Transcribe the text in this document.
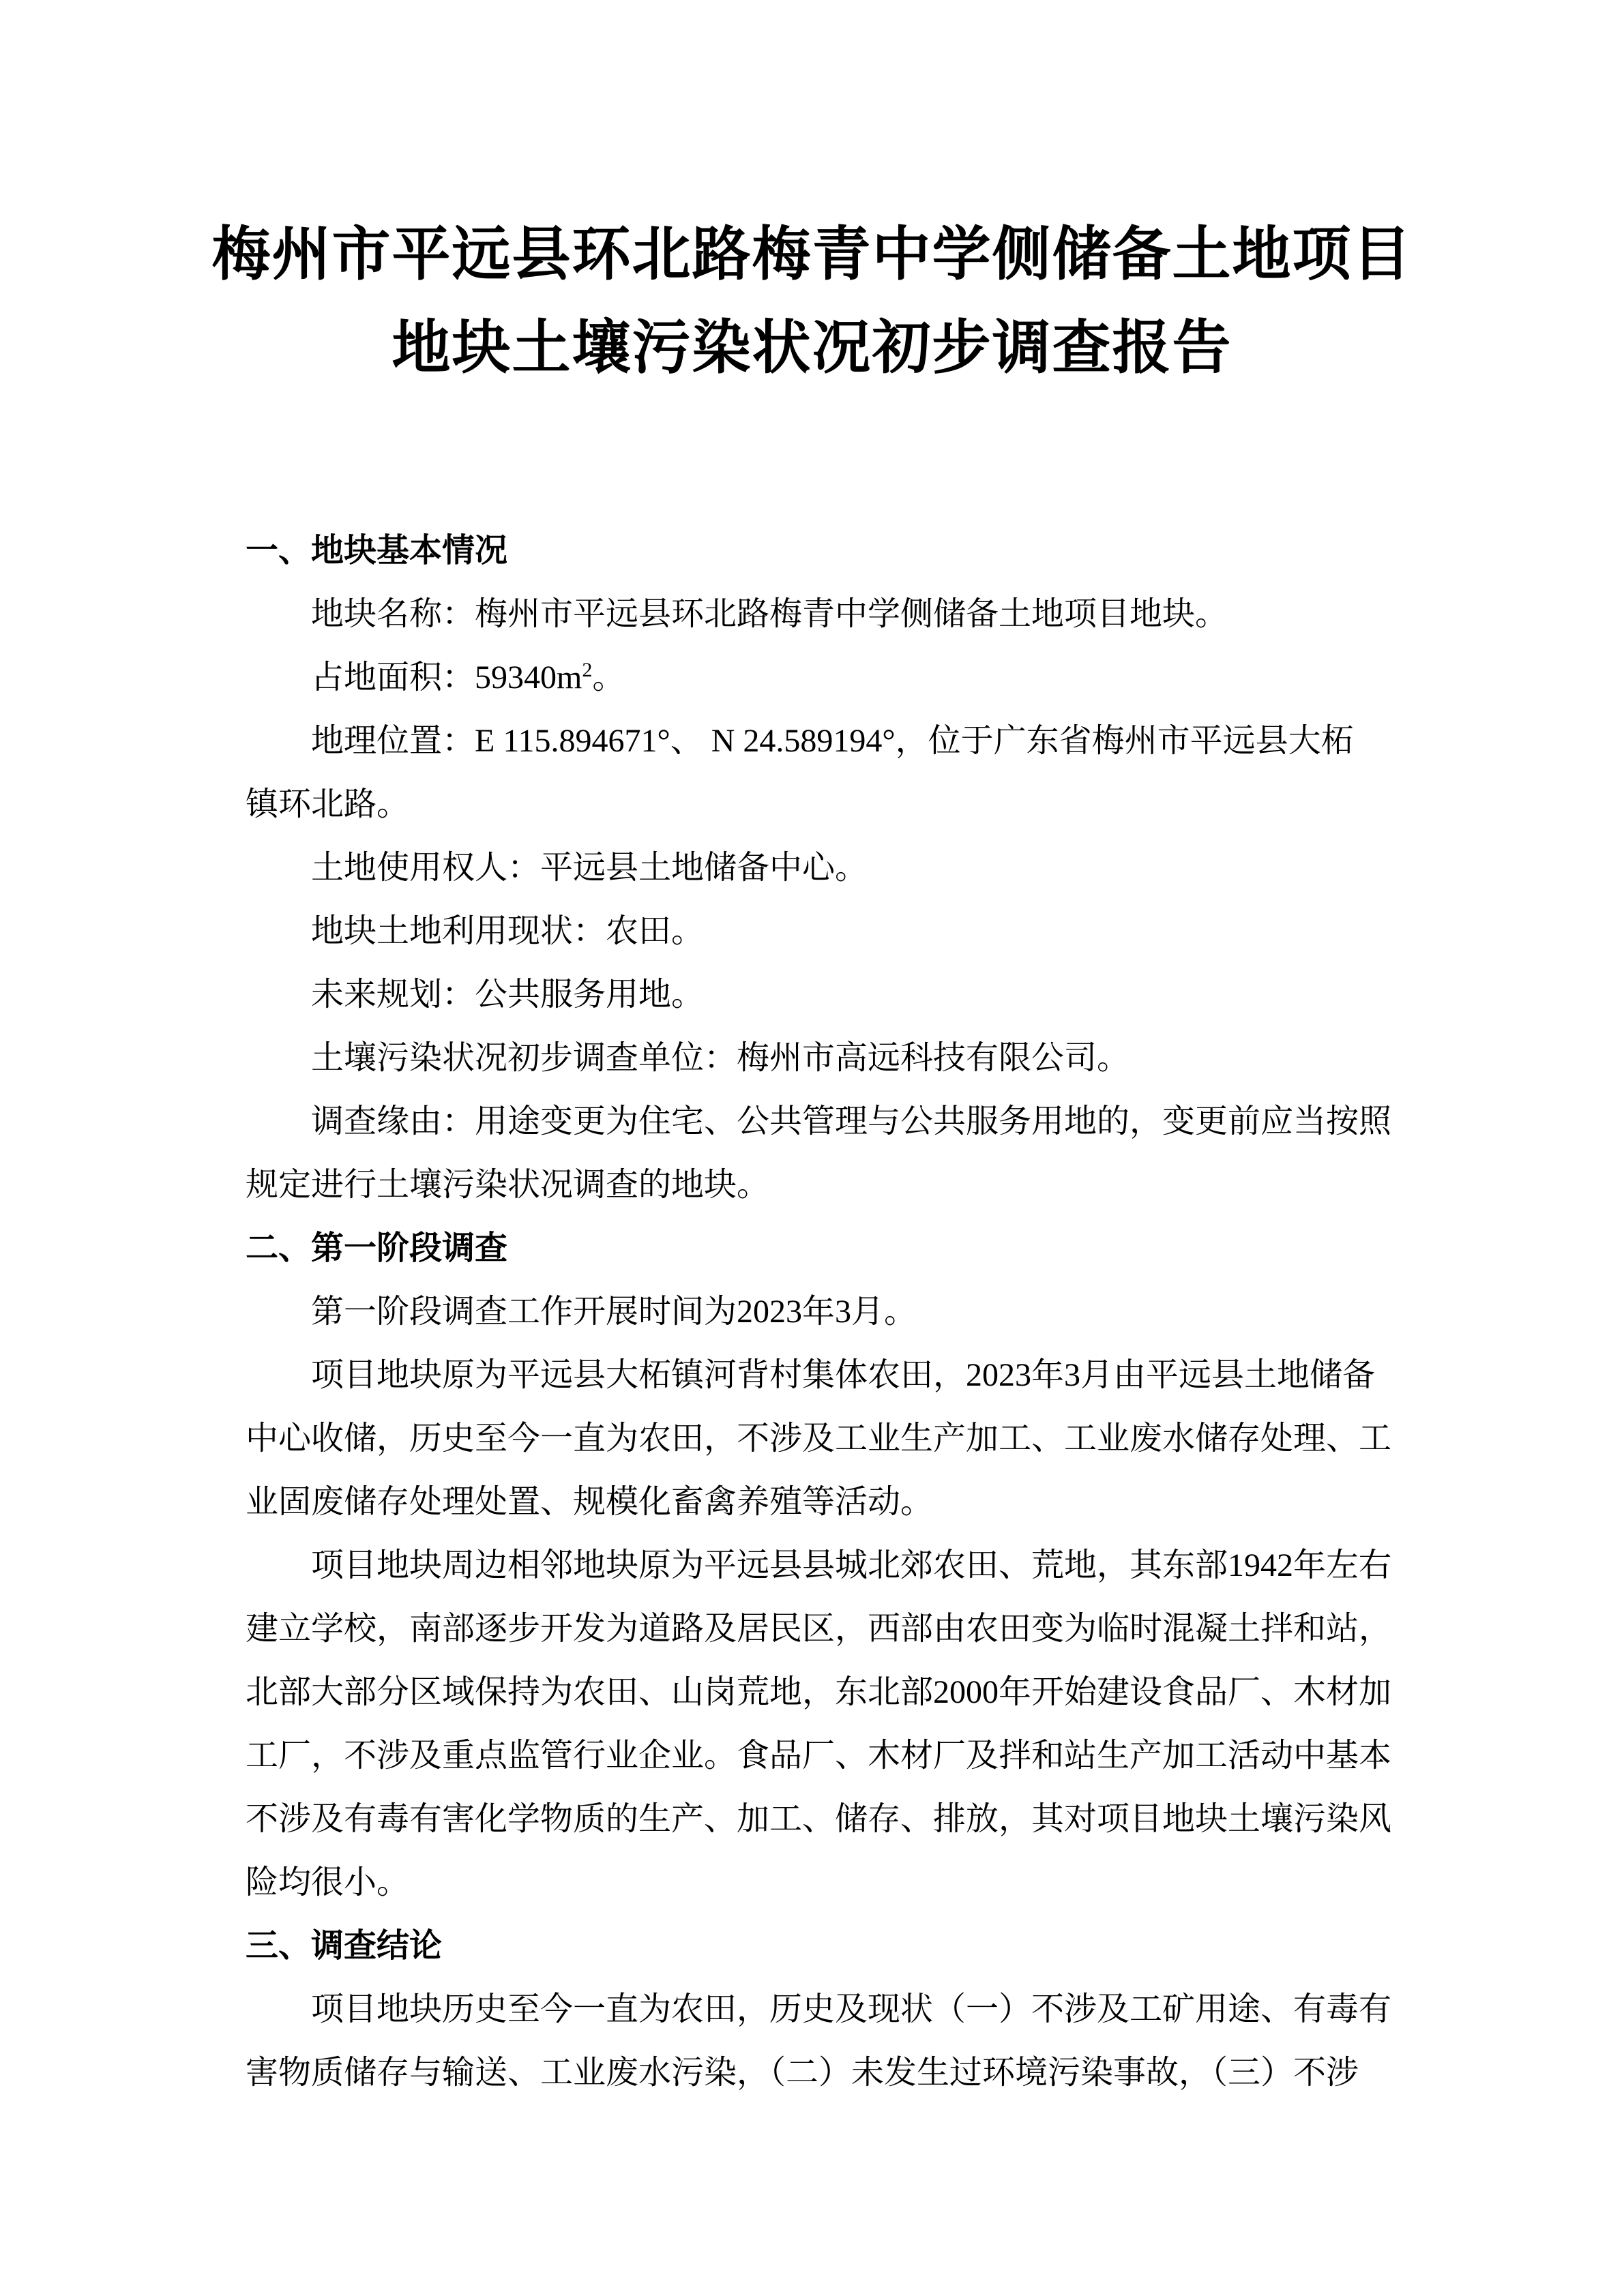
梅州市平远县环北路梅青中学侧储备土地项目
地块土壤污染状况初步调查报告
一、地块基本情况
地块名称：梅州市平远县环北路梅青中学侧储备土地项目地块。
占地面积：$59340m^2$。
地理位置：E 115.894671°、 N 24.589194°，位于广东省梅州市平远县大柘
镇环北路。
土地使用权人：平远县土地储备中心。
地块土地利用现状：农田。
未来规划：公共服务用地。
土壤污染状况初步调查单位：梅州市高远科技有限公司。
调查缘由：用途变更为住宅、公共管理与公共服务用地的，变更前应当按照
规定进行土壤污染状况调查的地块。
二、第一阶段调查
第一阶段调查工作开展时间为2023年3月。
项目地块原为平远县大柘镇河背村集体农田，2023年3月由平远县土地储备
中心收储，历史至今一直为农田，不涉及工业生产加工、工业废水储存处理、工
业固废储存处理处置、规模化畜禽养殖等活动。
项目地块周边相邻地块原为平远县县城北郊农田、荒地，其东部1942年左右
建立学校，南部逐步开发为道路及居民区，西部由农田变为临时混凝土拌和站，
北部大部分区域保持为农田、山岗荒地，东北部2000年开始建设食品厂、木材加
工厂，不涉及重点监管行业企业。食品厂、木材厂及拌和站生产加工活动中基本
不涉及有毒有害化学物质的生产、加工、储存、排放，其对项目地块土壤污染风
险均很小。
三、调查结论
项目地块历史至今一直为农田，历史及现状（一）不涉及工矿用途、有毒有
害物质储存与输送、工业废水污染，（二）未发生过环境污染事故，（三）不涉
